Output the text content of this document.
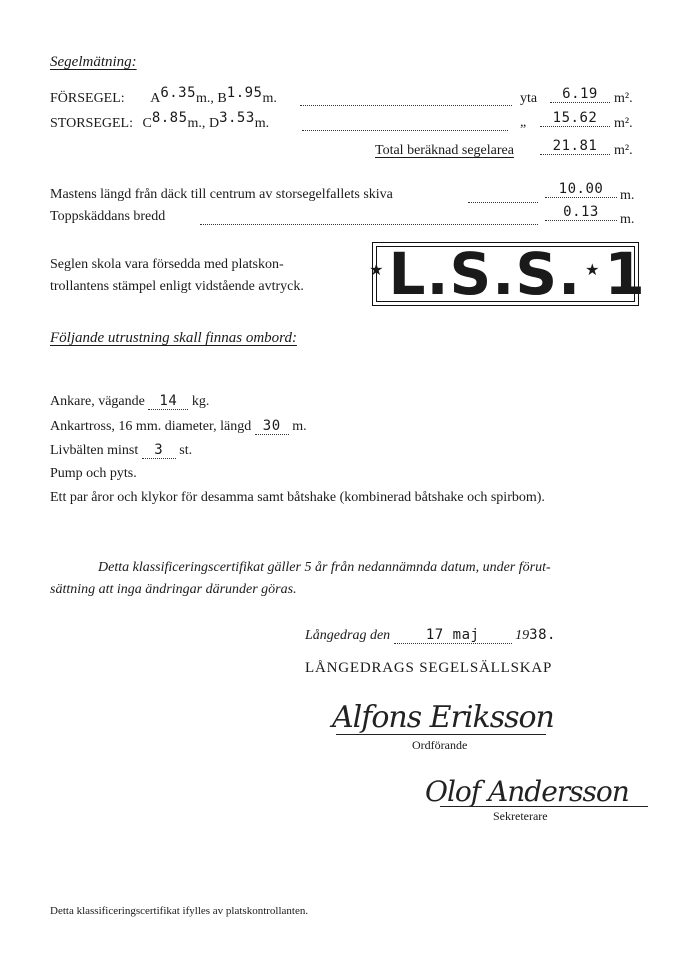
Segelmätning:
FÖRSEGEL: A6.35m., B1.95m.	yta	6.19	m².
STORSEGEL: C8.85m., D3.53m.	„	15.62	m².
Total beräknad segelarea	21.81	m².
Mastens längd från däck till centrum av storsegelfallets skiva	10.00	m.
Toppskäddans bredd	0.13	m.
Seglen skola vara försedda med platskon-
trollantens stämpel enligt vidstående avtryck.
★ L.S.S. ★ 1
Följande utrustning skall finnas ombord:
Ankare, vägande 14 kg.
Ankartross, 16 mm. diameter, längd 30 m.
Livbälten minst 3 st.
Pump och pyts.
Ett par åror och klykor för desamma samt båtshake (kombinerad båtshake och spirbom).
Detta klassificeringscertifikat gäller 5 år från nedannämnda datum, under förut-
sättning att inga ändringar därunder göras.
Långedrag den	17 maj	1938.
LÅNGEDRAGS SEGELSÄLLSKAP
Alfons Eriksson
Ordförande
Olof Andersson
Sekreterare
Detta klassificeringscertifikat ifylles av platskontrollanten.
